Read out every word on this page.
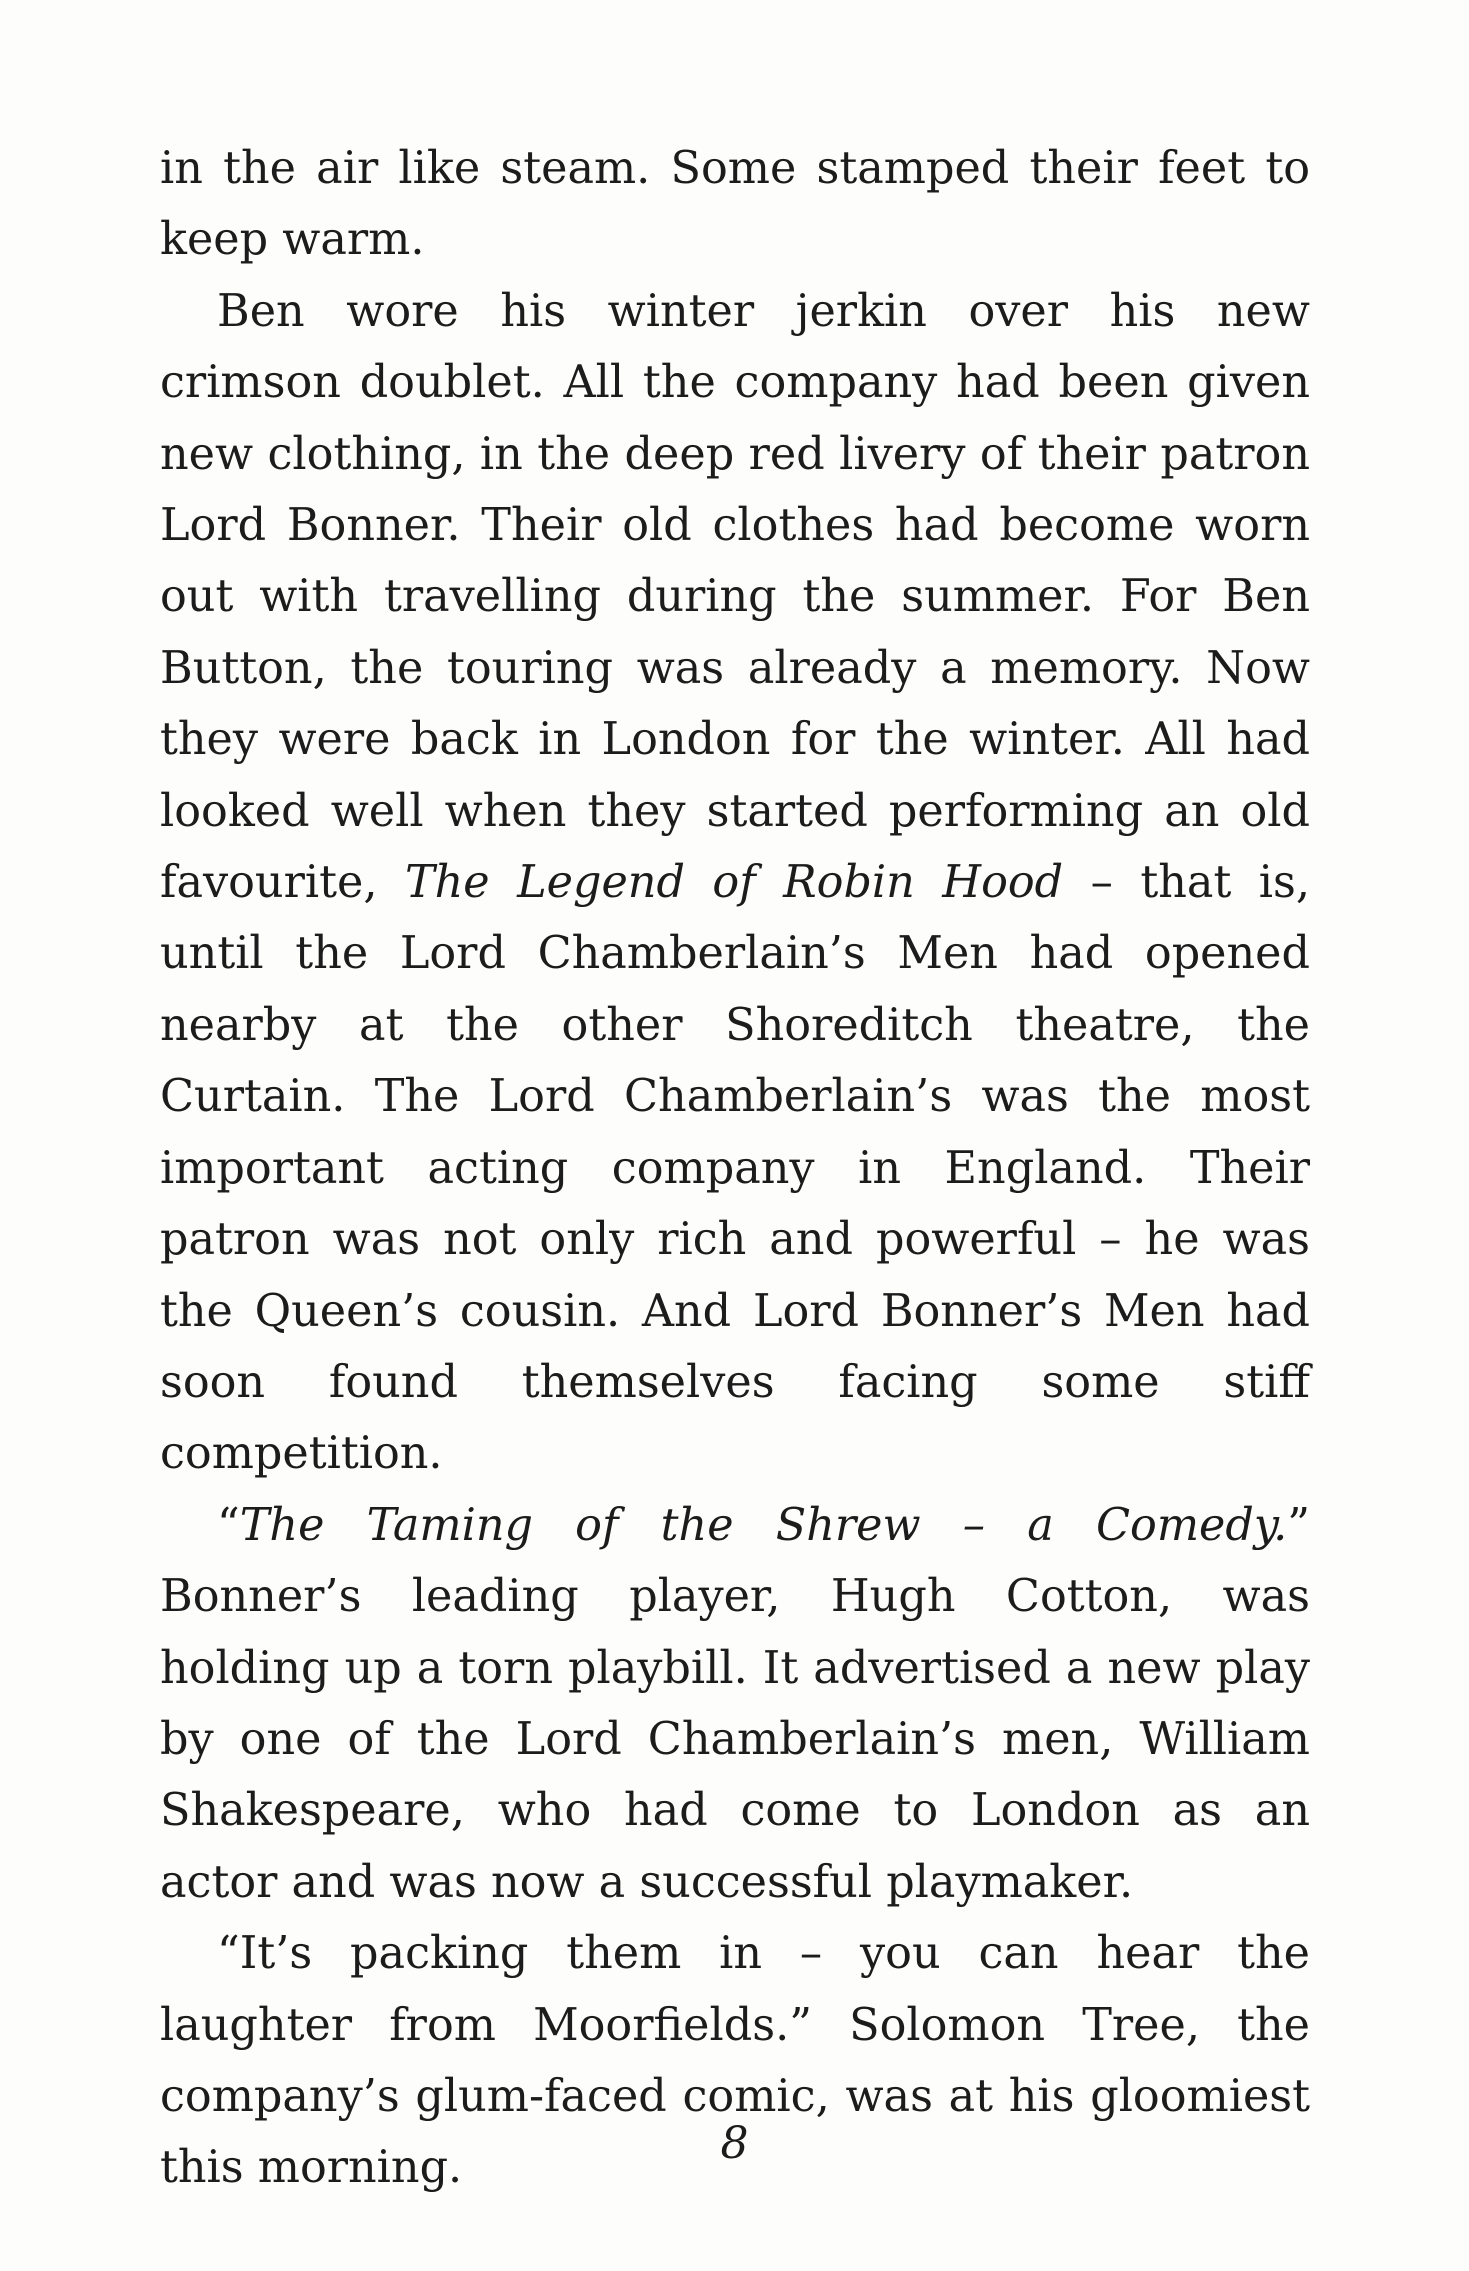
in the air like steam. Some stamped their feet to keep warm.

Ben wore his winter jerkin over his new crimson doublet. All the company had been given new clothing, in the deep red livery of their patron Lord Bonner. Their old clothes had become worn out with travelling during the summer. For Ben Button, the touring was already a memory. Now they were back in London for the winter. All had looked well when they started performing an old favourite, The Legend of Robin Hood – that is, until the Lord Chamberlain’s Men had opened nearby at the other Shoreditch theatre, the Curtain. The Lord Chamberlain’s was the most important acting company in England. Their patron was not only rich and powerful – he was the Queen’s cousin. And Lord Bonner’s Men had soon found themselves facing some stiff competition.

“The Taming of the Shrew – a Comedy.” Bonner’s leading player, Hugh Cotton, was holding up a torn playbill. It advertised a new play by one of the Lord Chamberlain’s men, William Shakespeare, who had come to London as an actor and was now a successful playmaker.

“It’s packing them in – you can hear the laughter from Moorfields.” Solomon Tree, the company’s glum-faced comic, was at his gloomiest this morning.	8
